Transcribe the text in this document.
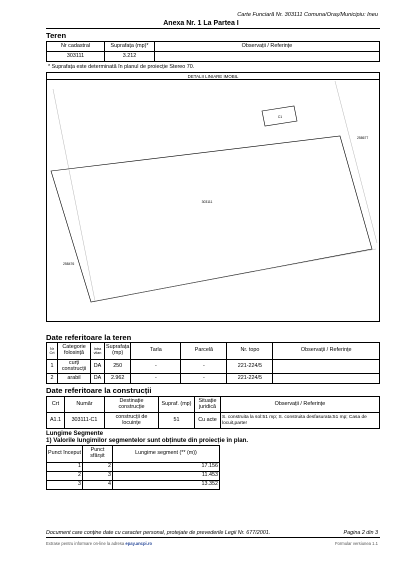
Carte Funciară Nr. 303111 Comuna/Oraș/Municipiu: Ineu
Anexa Nr. 1 La Partea I
Teren
Nr cadastral	Suprafața (mp)*	Observații / Referințe
303111	3.212	
* Suprafața este determinată în planul de proiecție Stereo 70.
DETALII LINIARE IMOBIL
303111
C1
258677
258476
Date referitoare la teren
Nr Crt	Categorie folosință	Intra vilan	Suprafața (mp)	Tarla	Parcelă	Nr. topo	Observații / Referințe
1	curți construcții	DA	250	-	-	221-224/5	
2	arabil	DA	2.962	-	-	221-224/5	
Date referitoare la construcții
Crt	Număr	Destinație construcție	Supraf. (mp)	Situație juridică	Observații / Referințe
A1.1	303111-C1	construcții de locuințe	51	Cu acte	S. construita la sol:51 mp; S. construita desfasurata:51 mp; Casa de locuit,parter
Lungime Segmente
1) Valorile lungimilor segmentelor sunt obținute din proiecție în plan.
Punct început	Punct sfârșit	Lungime segment (** (m))
1	2	17.156
2	3	11.453
3	4	13.352
Document care conține date cu caracter personal, protejate de prevederile Legii Nr. 677/2001.	Pagina 2 din 3
Extrase pentru informare on-line la adresa epay.ancpi.ro	Formular versiunea 1.1
